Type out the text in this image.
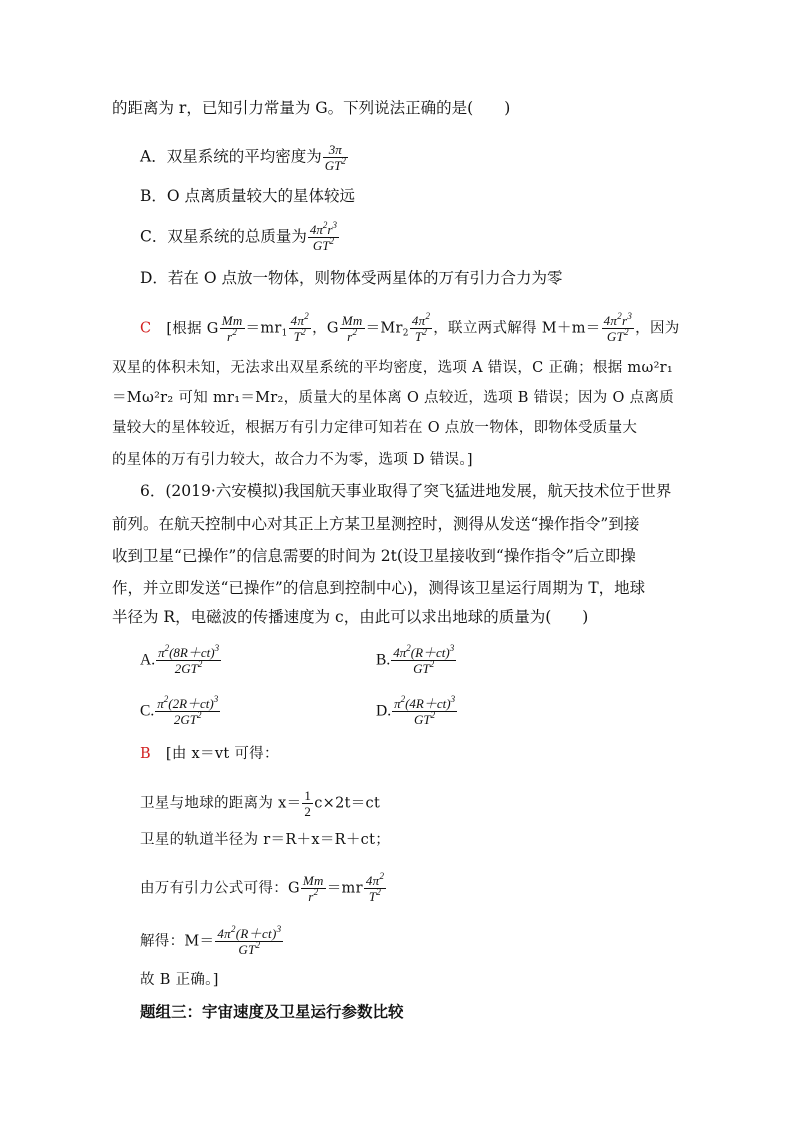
的距离为 r，已知引力常量为 G。下列说法正确的是(　　)
A．双星系统的平均密度为 $\frac{3\pi}{GT^2}$
B．O 点离质量较大的星体较远
C．双星系统的总质量为 $\frac{4\pi^2r^3}{GT^2}$
D．若在 O 点放一物体，则物体受两星体的万有引力合力为零
C [根据 G $\frac{Mm}{r^2} =mr_1 \frac{4\pi^2}{T^2}$ ，G $\frac{Mm}{r^2} =Mr_2 \frac{4\pi^2}{T^2}$ ，联立两式解得 $M+m= \frac{4\pi^2r^3}{GT^2}$ ，因为
双星的体积未知，无法求出双星系统的平均密度，选项 A 错误，C 正确；根据 mω²r₁
＝Mω²r₂ 可知 mr₁＝Mr₂，质量大的星体离 O 点较近，选项 B 错误；因为 O 点离质
量较大的星体较近，根据万有引力定律可知若在 O 点放一物体，即物体受质量大
的星体的万有引力较大，故合力不为零，选项 D 错误。]
6．(2019·六安模拟)我国航天事业取得了突飞猛进地发展，航天技术位于世界
前列。在航天控制中心对其正上方某卫星测控时，测得从发送“操作指令”到接
收到卫星“已操作”的信息需要的时间为 2t(设卫星接收到“操作指令”后立即操
作，并立即发送“已操作”的信息到控制中心)，测得该卫星运行周期为 T，地球
半径为 R，电磁波的传播速度为 c，由此可以求出地球的质量为(　　)
A. $\frac{\pi^2(8R+ct)^3}{2GT^2}$	B. $\frac{4\pi^2(R+ct)^3}{GT^2}$
C. $\frac{\pi^2(2R+ct)^3}{2GT^2}$	D. $\frac{\pi^2(4R+ct)^3}{GT^2}$
B [由 x＝vt 可得：
卫星与地球的距离为 $x= \frac{1}{2} c\times 2t=ct$
卫星的轨道半径为 r＝R＋x＝R＋ct；
由万有引力公式可得：G $\frac{Mm}{r^2} =mr \frac{4\pi^2}{T^2}$
解得：$M= \frac{4\pi^2(R+ct)^3}{GT^2}$
故 B 正确。]
题组三：宇宙速度及卫星运行参数比较
